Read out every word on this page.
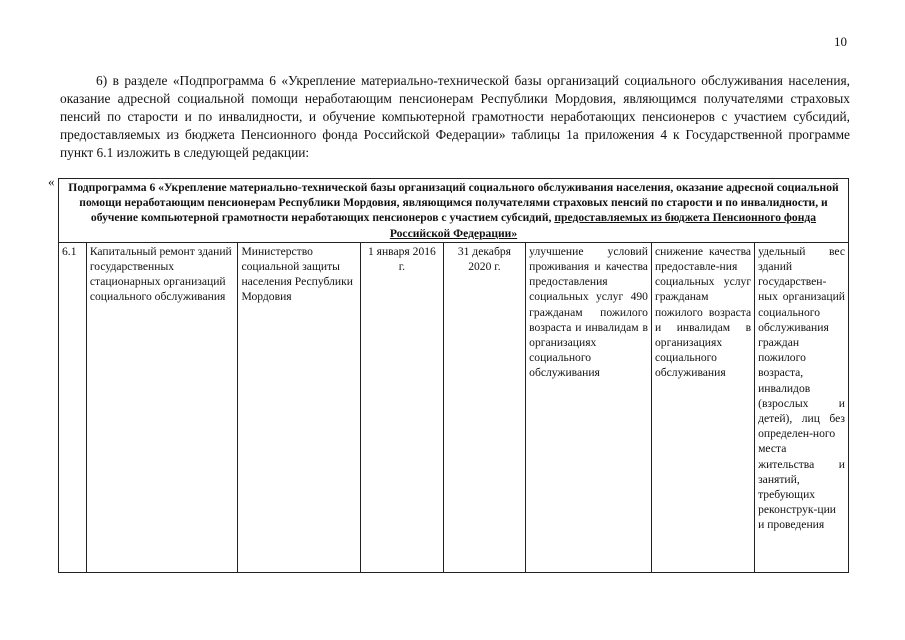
10

6) в разделе «Подпрограмма 6 «Укрепление материально-технической базы организаций социального обслуживания населения, оказание адресной социальной помощи неработающим пенсионерам Республики Мордовия, являющимся получателями страховых пенсий по старости и по инвалидности, и обучение компьютерной грамотности неработающих пенсионеров с участием субсидий, предоставляемых из бюджета Пенсионного фонда Российской Федерации» таблицы 1а приложения 4 к Государственной программе пункт 6.1 изложить в следующей редакции:

« Подпрограмма 6 «Укрепление материально-технической базы организаций социального обслуживания населения, оказание адресной социальной помощи неработающим пенсионерам Республики Мордовия, являющимся получателями страховых пенсий по старости и по инвалидности, и обучение компьютерной грамотности неработающих пенсионеров с участием субсидий, предоставляемых из бюджета Пенсионного фонда Российской Федерации»
6.1	Капитальный ремонт зданий государственных стационарных организаций социального обслуживания	Министерство социальной защиты населения Республики Мордовия	1 января 2016 г.	31 декабря 2020 г.	улучшение условий проживания и качества предоставления социальных услуг 490 гражданам пожилого возраста и инвалидам в организациях социального обслуживания	снижение качества предоставле-ния социальных услуг гражданам пожилого возраста и инвалидам в организациях социального обслуживания	удельный вес зданий государствен-ных организаций социального обслуживания граждан пожилого возраста, инвалидов (взрослых и детей), лиц без определен-ного места жительства и занятий, требующих реконструк-ции и проведения
